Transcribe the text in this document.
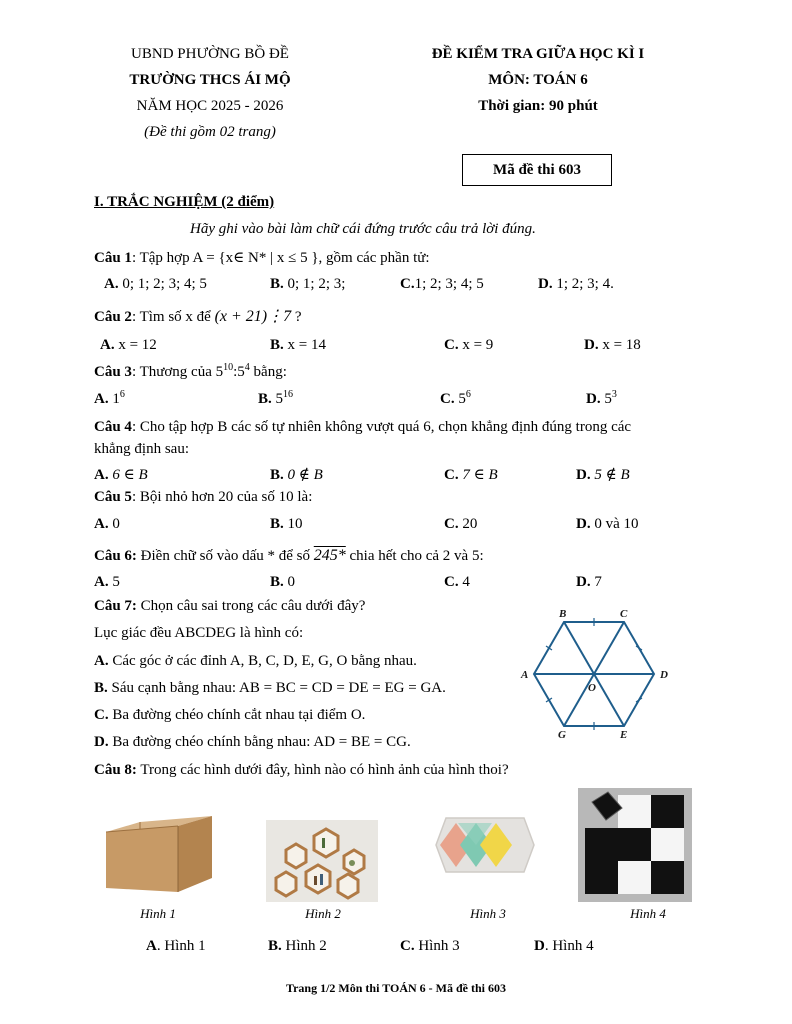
UBND PHƯỜNG BỒ ĐỀ
TRƯỜNG THCS ÁI MỘ
NĂM HỌC 2025 - 2026
(Đề thi gồm 02 trang)
ĐỀ KIỂM TRA GIỮA HỌC KÌ I
MÔN: TOÁN 6
Thời gian: 90 phút
Mã đề thi 603
I. TRẮC NGHIỆM (2 điểm)
Hãy ghi vào bài làm chữ cái đứng trước câu trả lời đúng.
Câu 1: Tập hợp A = {x∈ N* | x ≤ 5 }, gồm các phần tử:
A. 0; 1; 2; 3; 4; 5	B. 0; 1; 2; 3;	C.1; 2; 3; 4; 5	D. 1; 2; 3; 4.
Câu 2: Tìm số x để (x + 21)⋮7 ?
A. x = 12	B. x = 14	C. x = 9	D. x = 18
Câu 3: Thương của $5^{10}:5^4$ bằng:
A. $1^6$	B. $5^{16}$	C. $5^6$	D. $5^3$
Câu 4: Cho tập hợp B các số tự nhiên không vượt quá 6, chọn khẳng định đúng trong các
khẳng định sau:
A. 6 ∈ B	B. 0 ∉ B	C. 7 ∈ B	D. 5 ∉ B
Câu 5: Bội nhỏ hơn 20 của số 10 là:
A. 0	B. 10	C. 20	D. 0 và 10
Câu 6: Điền chữ số vào dấu * để số 245* chia hết cho cả 2 và 5:
A. 5	B. 0	C. 4	D. 7
Câu 7: Chọn câu sai trong các câu dưới đây?
Lục giác đều ABCDEG là hình có:
A. Các góc ở các đỉnh A, B, C, D, E, G, O bằng nhau.
B. Sáu cạnh bằng nhau: AB = BC = CD = DE = EG = GA.
C. Ba đường chéo chính cắt nhau tại điểm O.
D. Ba đường chéo chính bằng nhau: AD = BE = CG.
B	C
A	D
O
G	E
Câu 8: Trong các hình dưới đây, hình nào có hình ảnh của hình thoi?
Hình 1	Hình 2	Hình 3	Hình 4
A. Hình 1	B. Hình 2	C. Hình 3	D. Hình 4
Trang 1/2 Môn thi TOÁN 6 - Mã đề thi 603
